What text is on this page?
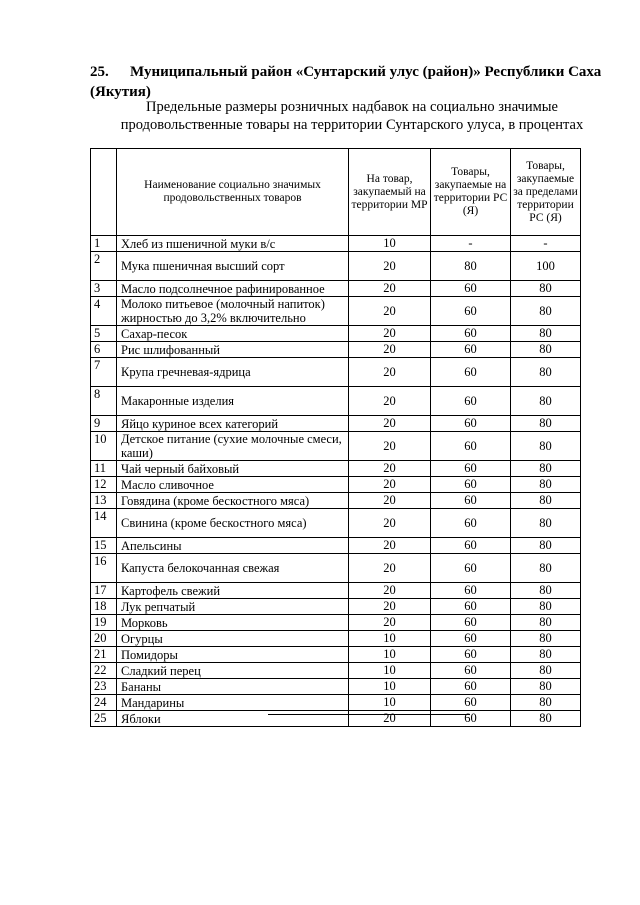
25. Муниципальный район «Сунтарский улус (район)» Республики Саха (Якутия)
Предельные размеры розничных надбавок на социально значимые
продовольственные товары на территории Сунтарского улуса, в процентах
	Наименование социально значимых продовольственных товаров	На товар, закупаемый на территории МР	Товары, закупаемые на территории РС (Я)	Товары, закупаемые за пределами территории РС (Я)
1	Хлеб из пшеничной муки в/с	10	-	-
2	Мука пшеничная высший сорт	20	80	100
3	Масло подсолнечное рафинированное	20	60	80
4	Молоко питьевое (молочный напиток) жирностью до 3,2% включительно	20	60	80
5	Сахар-песок	20	60	80
6	Рис шлифованный	20	60	80
7	Крупа гречневая-ядрица	20	60	80
8	Макаронные изделия	20	60	80
9	Яйцо куриное всех категорий	20	60	80
10	Детское питание (сухие молочные смеси, каши)	20	60	80
11	Чай черный байховый	20	60	80
12	Масло сливочное	20	60	80
13	Говядина (кроме бескостного мяса)	20	60	80
14	Свинина (кроме бескостного мяса)	20	60	80
15	Апельсины	20	60	80
16	Капуста белокочанная свежая	20	60	80
17	Картофель свежий	20	60	80
18	Лук репчатый	20	60	80
19	Морковь	20	60	80
20	Огурцы	10	60	80
21	Помидоры	10	60	80
22	Сладкий перец	10	60	80
23	Бананы	10	60	80
24	Мандарины	10	60	80
25	Яблоки	20	60	80
